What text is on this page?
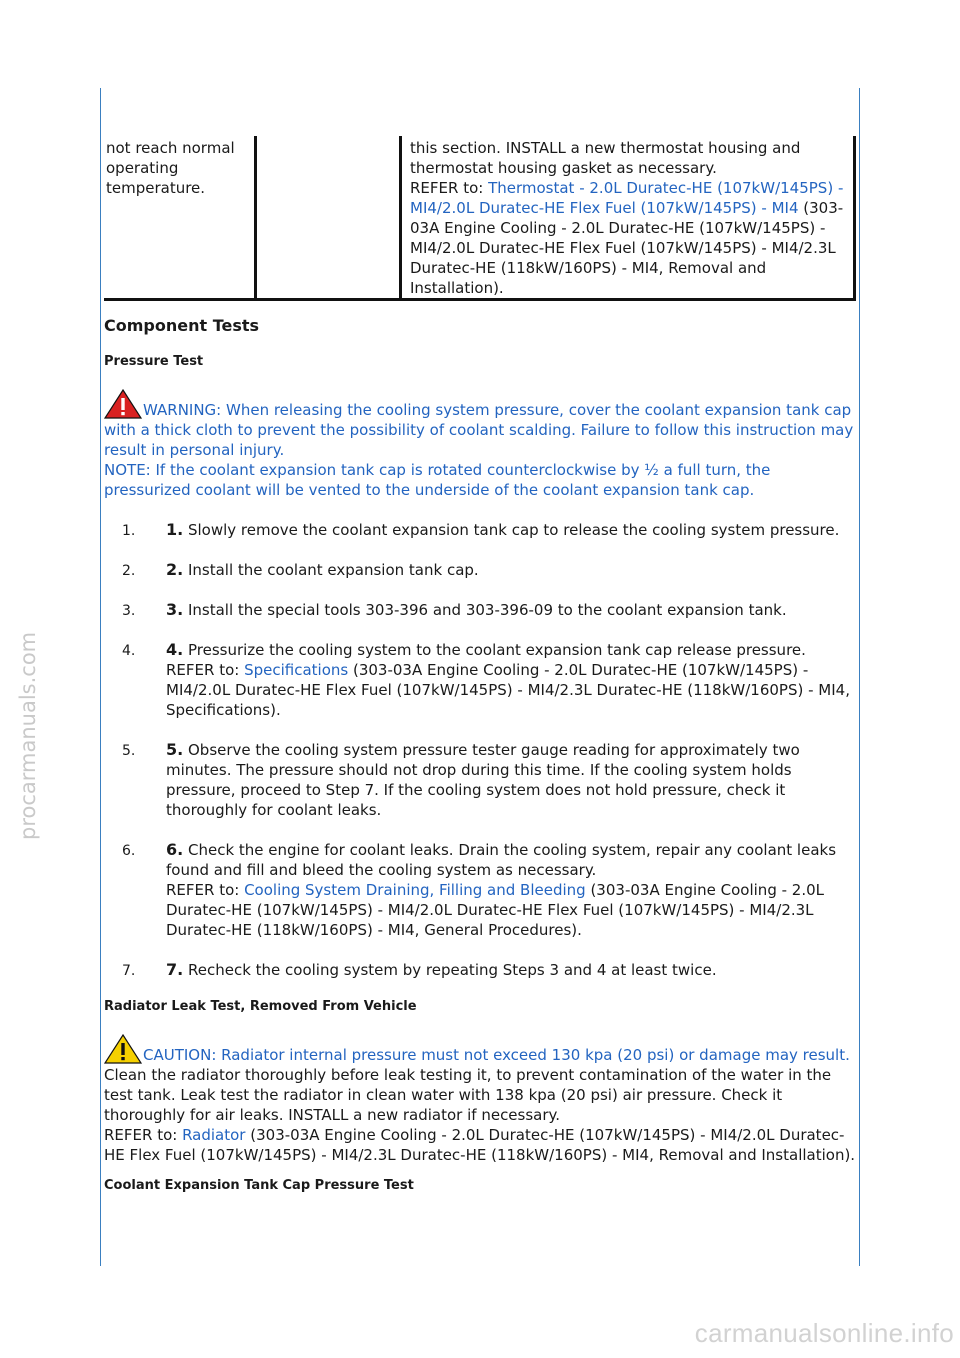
procarmanuals.com
not reach normal operating temperature.		this section. INSTALL a new thermostat housing and thermostat housing gasket as necessary.
REFER to: Thermostat - 2.0L Duratec-HE (107kW/145PS) - MI4/2.0L Duratec-HE Flex Fuel (107kW/145PS) - MI4 (303-03A Engine Cooling - 2.0L Duratec-HE (107kW/145PS) - MI4/2.0L Duratec-HE Flex Fuel (107kW/145PS) - MI4/2.3L Duratec-HE (118kW/160PS) - MI4, Removal and Installation).
Component Tests
Pressure Test
WARNING: When releasing the cooling system pressure, cover the coolant expansion tank cap with a thick cloth to prevent the possibility of coolant scalding. Failure to follow this instruction may result in personal injury.
NOTE: If the coolant expansion tank cap is rotated counterclockwise by ½ a full turn, the pressurized coolant will be vented to the underside of the coolant expansion tank cap.
1. 1. Slowly remove the coolant expansion tank cap to release the cooling system pressure.
2. 2. Install the coolant expansion tank cap.
3. 3. Install the special tools 303-396 and 303-396-09 to the coolant expansion tank.
4. 4. Pressurize the cooling system to the coolant expansion tank cap release pressure.
REFER to: Specifications (303-03A Engine Cooling - 2.0L Duratec-HE (107kW/145PS) - MI4/2.0L Duratec-HE Flex Fuel (107kW/145PS) - MI4/2.3L Duratec-HE (118kW/160PS) - MI4, Specifications).
5. 5. Observe the cooling system pressure tester gauge reading for approximately two minutes. The pressure should not drop during this time. If the cooling system holds pressure, proceed to Step 7. If the cooling system does not hold pressure, check it thoroughly for coolant leaks.
6. 6. Check the engine for coolant leaks. Drain the cooling system, repair any coolant leaks found and fill and bleed the cooling system as necessary.
REFER to: Cooling System Draining, Filling and Bleeding (303-03A Engine Cooling - 2.0L Duratec-HE (107kW/145PS) - MI4/2.0L Duratec-HE Flex Fuel (107kW/145PS) - MI4/2.3L Duratec-HE (118kW/160PS) - MI4, General Procedures).
7. 7. Recheck the cooling system by repeating Steps 3 and 4 at least twice.
Radiator Leak Test, Removed From Vehicle
CAUTION: Radiator internal pressure must not exceed 130 kpa (20 psi) or damage may result.
Clean the radiator thoroughly before leak testing it, to prevent contamination of the water in the test tank. Leak test the radiator in clean water with 138 kpa (20 psi) air pressure. Check it thoroughly for air leaks. INSTALL a new radiator if necessary.
REFER to: Radiator (303-03A Engine Cooling - 2.0L Duratec-HE (107kW/145PS) - MI4/2.0L Duratec-HE Flex Fuel (107kW/145PS) - MI4/2.3L Duratec-HE (118kW/160PS) - MI4, Removal and Installation).
Coolant Expansion Tank Cap Pressure Test
carmanualsonline.info
